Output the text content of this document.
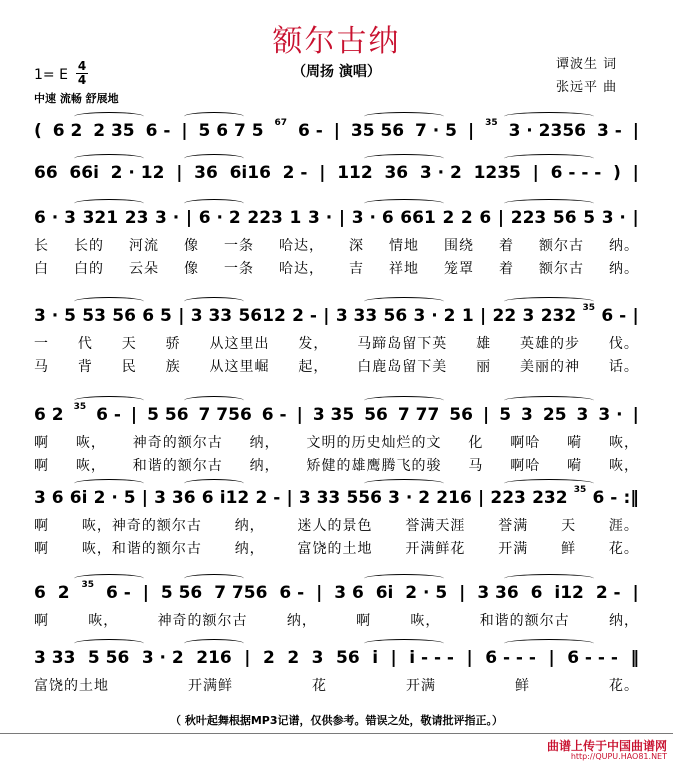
额尔古纳
（周扬 演唱）	谭波生 词
张远平 曲
1= E
4
4
中速 流畅 舒展地
( 6 2 2 35 6 - | 5 6 7 5 67 6 - | 35 56 7 · 5 | 35 3 · 2356 3 - |
66 66i 2 · 12 | 36 6i16 2 - | 112 36 3 · 2 1235 | 6 - - - ) |
6 · 3 321 23 3 · | 6 · 2 223 1 3 · | 3 · 6 661 2 2 6 | 223 56 5 3 · |
长 长的 河流 像 一条 哈达， 深 情地 围绕 着 额尔古 纳。
白 白的 云朵 像 一条 哈达， 吉 祥地 笼罩 着 额尔古 纳。
3 · 5 53 56 6 5 | 3 33 5612 2 - | 3 33 56 3 · 2 1 | 22 3 232 35 6 - |
一 代 天 骄 从这里出 发， 马蹄岛留下英 雄 英雄的步 伐。
马 背 民 族 从这里崛 起， 白鹿岛留下美 丽 美丽的神 话。
6 2 35 6 - | 5 56 7 756 6 - | 3 35 56 7 77 56 | 5 3 25 3 3 · |
啊 咴， 神奇的额尔古 纳， 文明的历史灿烂的文 化 啊哈 嗬 咴，
啊 咴， 和谐的额尔古 纳， 矫健的雄鹰腾飞的骏 马 啊哈 嗬 咴，
3 6 6i 2 · 5 | 3 36 6 i12 2 - | 3 33 556 3 · 2 216 | 223 232 35 6 - :‖
啊 咴，神奇的额尔古 纳， 迷人的景色 誉满天涯 誉满 天 涯。
啊 咴，和谐的额尔古 纳， 富饶的土地 开满鲜花 开满 鲜 花。
6 2 35 6 - | 5 56 7 756 6 - | 3 6 6i 2 · 5 | 3 36 6 i12 2 - |
啊	咴，	神奇的额尔古	纳，	啊	咴，	和谐的额尔古	纳，
3 33 5 56 3 · 2 216 | 2 2 3 56 i | i - - - | 6 - - - | 6 - - - ‖
富饶的土地	开满鲜	花	开满	鲜	花。
（ 秋叶起舞根据MP3记谱，仅供参考。错误之处，敬请批评指正。）
曲谱上传于中国曲谱网
http://QUPU.HAO81.NET
